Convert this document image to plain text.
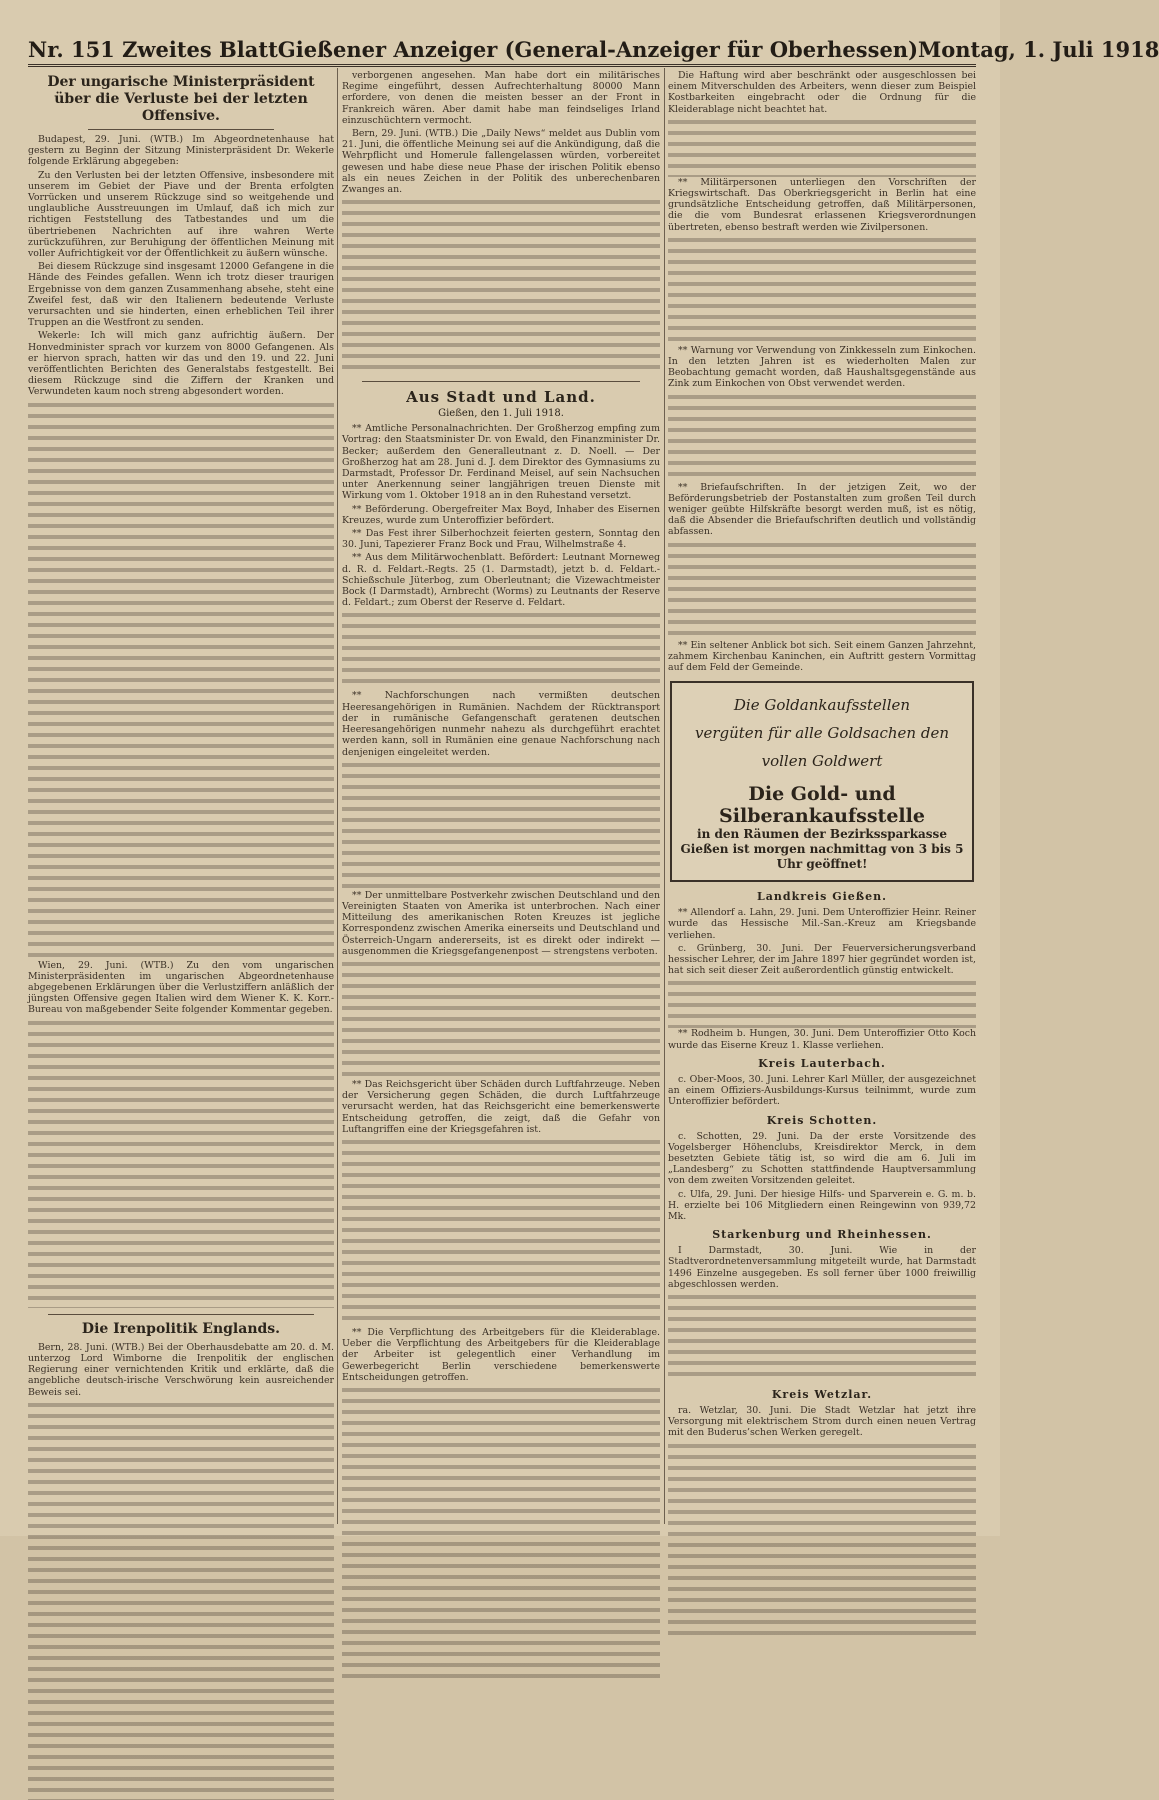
Nr. 151 Zweites Blatt Gießener Anzeiger (General-Anzeiger für Oberhessen) Montag, 1. Juli 1918
Der ungarische Ministerpräsident über die Verluste bei der letzten Offensive.

Budapest, 29. Juni. (WTB.) Im Abgeordnetenhause hat gestern zu Beginn der Sitzung Ministerpräsident Dr. Wekerle folgende Erklärung abgegeben:

Zu den Verlusten bei der letzten Offensive, insbesondere mit unserem im Gebiet der Piave und der Brenta erfolgten Vorrücken und unserem Rückzuge sind so weitgehende und unglaubliche Ausstreuungen im Umlauf, daß ich mich zur richtigen Feststellung des Tatbestandes und um die übertriebenen Nachrichten auf ihre wahren Werte zurückzuführen, zur Beruhigung der öffentlichen Meinung mit voller Aufrichtigkeit vor der Öffentlichkeit zu äußern wünsche.

Bei diesem Rückzuge sind insgesamt 12000 Gefangene in die Hände des Feindes gefallen. Wenn ich trotz dieser traurigen Ergebnisse von dem ganzen Zusammenhang absehe, steht eine Zweifel fest, daß wir den Italienern bedeutende Verluste verursachten und sie hinderten, einen erheblichen Teil ihrer Truppen an die Westfront zu senden.

Wekerle: Ich will mich ganz aufrichtig äußern. Der Honvedminister sprach vor kurzem von 8000 Gefangenen. Als er hiervon sprach, hatten wir das und den 19. und 22. Juni veröffentlichten Berichten des Generalstabs festgestellt. Bei diesem Rückzuge sind die Ziffern der Kranken und Verwundeten kaum noch streng abgesondert worden.

Wien, 29. Juni. (WTB.) Zu den vom ungarischen Ministerpräsidenten im ungarischen Abgeordnetenhause abgegebenen Erklärungen über die Verlustziffern anläßlich der jüngsten Offensive gegen Italien wird dem Wiener K. K. Korr.-Bureau von maßgebender Seite folgender Kommentar gegeben.

Die Irenpolitik Englands.

Bern, 28. Juni. (WTB.) Bei der Oberhausdebatte am 20. d. M. unterzog Lord Wimborne die Irenpolitik der englischen Regierung einer vernichtenden Kritik und erklärte, daß die angebliche deutsch-irische Verschwörung kein ausreichender Beweis sei.

verborgenen angesehen. Man habe dort ein militärisches Regime eingeführt, dessen Aufrechterhaltung 80000 Mann erfordere, von denen die meisten besser an der Front in Frankreich wären. Aber damit habe man feindseliges Irland einzuschüchtern vermocht.

Bern, 29. Juni. (WTB.) Die „Daily News“ meldet aus Dublin vom 21. Juni, die öffentliche Meinung sei auf die Ankündigung, daß die Wehrpflicht und Homerule fallengelassen würden, vorbereitet gewesen und habe diese neue Phase der irischen Politik ebenso als ein neues Zeichen in der Politik des unberechenbaren Zwanges an.

Aus Stadt und Land.
Gießen, den 1. Juli 1918.

** Amtliche Personalnachrichten. Der Großherzog empfing zum Vortrag: den Staatsminister Dr. von Ewald, den Finanzminister Dr. Becker; außerdem den Generalleutnant z. D. Noell. — Der Großherzog hat am 28. Juni d. J. dem Direktor des Gymnasiums zu Darmstadt, Professor Dr. Ferdinand Meisel, auf sein Nachsuchen unter Anerkennung seiner langjährigen treuen Dienste mit Wirkung vom 1. Oktober 1918 an in den Ruhestand versetzt.

** Beförderung. Obergefreiter Max Boyd, Inhaber des Eisernen Kreuzes, wurde zum Unteroffizier befördert.

** Das Fest ihrer Silberhochzeit feierten gestern, Sonntag den 30. Juni, Tapezierer Franz Bock und Frau, Wilhelmstraße 4.

** Aus dem Militärwochenblatt. Befördert: Leutnant Morneweg d. R. d. Feldart.-Regts. 25 (1. Darmstadt), jetzt b. d. Feldart.-Schießschule Jüterbog, zum Oberleutnant; die Vizewachtmeister Bock (I Darmstadt), Arnbrecht (Worms) zu Leutnants der Reserve d. Feldart.; zum Oberst der Reserve d. Feldart.

** Nachforschungen nach vermißten deutschen Heeresangehörigen in Rumänien. Nachdem der Rücktransport der in rumänische Gefangenschaft geratenen deutschen Heeresangehörigen nunmehr nahezu als durchgeführt erachtet werden kann, soll in Rumänien eine genaue Nachforschung nach denjenigen eingeleitet werden.

** Der unmittelbare Postverkehr zwischen Deutschland und den Vereinigten Staaten von Amerika ist unterbrochen. Nach einer Mitteilung des amerikanischen Roten Kreuzes ist jegliche Korrespondenz zwischen Amerika einerseits und Deutschland und Österreich-Ungarn andererseits, ist es direkt oder indirekt — ausgenommen die Kriegsgefangenenpost — strengstens verboten.

** Das Reichsgericht über Schäden durch Luftfahrzeuge. Neben der Versicherung gegen Schäden, die durch Luftfahrzeuge verursacht werden, hat das Reichsgericht eine bemerkenswerte Entscheidung getroffen, die zeigt, daß die Gefahr von Luftangriffen eine der Kriegsgefahren ist.

** Die Verpflichtung des Arbeitgebers für die Kleiderablage. Ueber die Verpflichtung des Arbeitgebers für die Kleiderablage der Arbeiter ist gelegentlich einer Verhandlung im Gewerbegericht Berlin verschiedene bemerkenswerte Entscheidungen getroffen.

Die Haftung wird aber beschränkt oder ausgeschlossen bei einem Mitverschulden des Arbeiters, wenn dieser zum Beispiel Kostbarkeiten eingebracht oder die Ordnung für die Kleiderablage nicht beachtet hat.

** Militärpersonen unterliegen den Vorschriften der Kriegswirtschaft. Das Oberkriegsgericht in Berlin hat eine grundsätzliche Entscheidung getroffen, daß Militärpersonen, die die vom Bundesrat erlassenen Kriegsverordnungen übertreten, ebenso bestraft werden wie Zivilpersonen.

** Warnung vor Verwendung von Zinkkesseln zum Einkochen. In den letzten Jahren ist es wiederholten Malen zur Beobachtung gemacht worden, daß Haushaltsgegenstände aus Zink zum Einkochen von Obst verwendet werden.

** Briefaufschriften. In der jetzigen Zeit, wo der Beförderungsbetrieb der Postanstalten zum großen Teil durch weniger geübte Hilfskräfte besorgt werden muß, ist es nötig, daß die Absender die Briefaufschriften deutlich und vollständig abfassen.

** Ein seltener Anblick bot sich. Seit einem Ganzen Jahrzehnt, zahmem Kirchenbau Kaninchen, ein Auftritt gestern Vormittag auf dem Feld der Gemeinde.

Die Goldankaufsstellen
vergüten für alle Goldsachen den
vollen Goldwert
Die Gold- und Silberankaufsstelle
in den Räumen der Bezirkssparkasse Gießen ist morgen nachmittag von 3 bis 5 Uhr geöffnet!
Landkreis Gießen.

** Allendorf a. Lahn, 29. Juni. Dem Unteroffizier Heinr. Reiner wurde das Hessische Mil.-San.-Kreuz am Kriegsbande verliehen.

c. Grünberg, 30. Juni. Der Feuerversicherungsverband hessischer Lehrer, der im Jahre 1897 hier gegründet worden ist, hat sich seit dieser Zeit außerordentlich günstig entwickelt.

** Rodheim b. Hungen, 30. Juni. Dem Unteroffizier Otto Koch wurde das Eiserne Kreuz 1. Klasse verliehen.

Kreis Lauterbach.

c. Ober-Moos, 30. Juni. Lehrer Karl Müller, der ausgezeichnet an einem Offiziers-Ausbildungs-Kursus teilnimmt, wurde zum Unteroffizier befördert.

Kreis Schotten.

c. Schotten, 29. Juni. Da der erste Vorsitzende des Vogelsberger Höhenclubs, Kreisdirektor Merck, in dem besetzten Gebiete tätig ist, so wird die am 6. Juli im „Landesberg“ zu Schotten stattfindende Hauptversammlung von dem zweiten Vorsitzenden geleitet.

c. Ulfa, 29. Juni. Der hiesige Hilfs- und Sparverein e. G. m. b. H. erzielte bei 106 Mitgliedern einen Reingewinn von 939,72 Mk.

Starkenburg und Rheinhessen.

I Darmstadt, 30. Juni. Wie in der Stadtverordnetenversammlung mitgeteilt wurde, hat Darmstadt 1496 Einzelne ausgegeben. Es soll ferner über 1000 freiwillig abgeschlossen werden.

Kreis Wetzlar.

ra. Wetzlar, 30. Juni. Die Stadt Wetzlar hat jetzt ihre Versorgung mit elektrischem Strom durch einen neuen Vertrag mit den Buderus’schen Werken geregelt.
